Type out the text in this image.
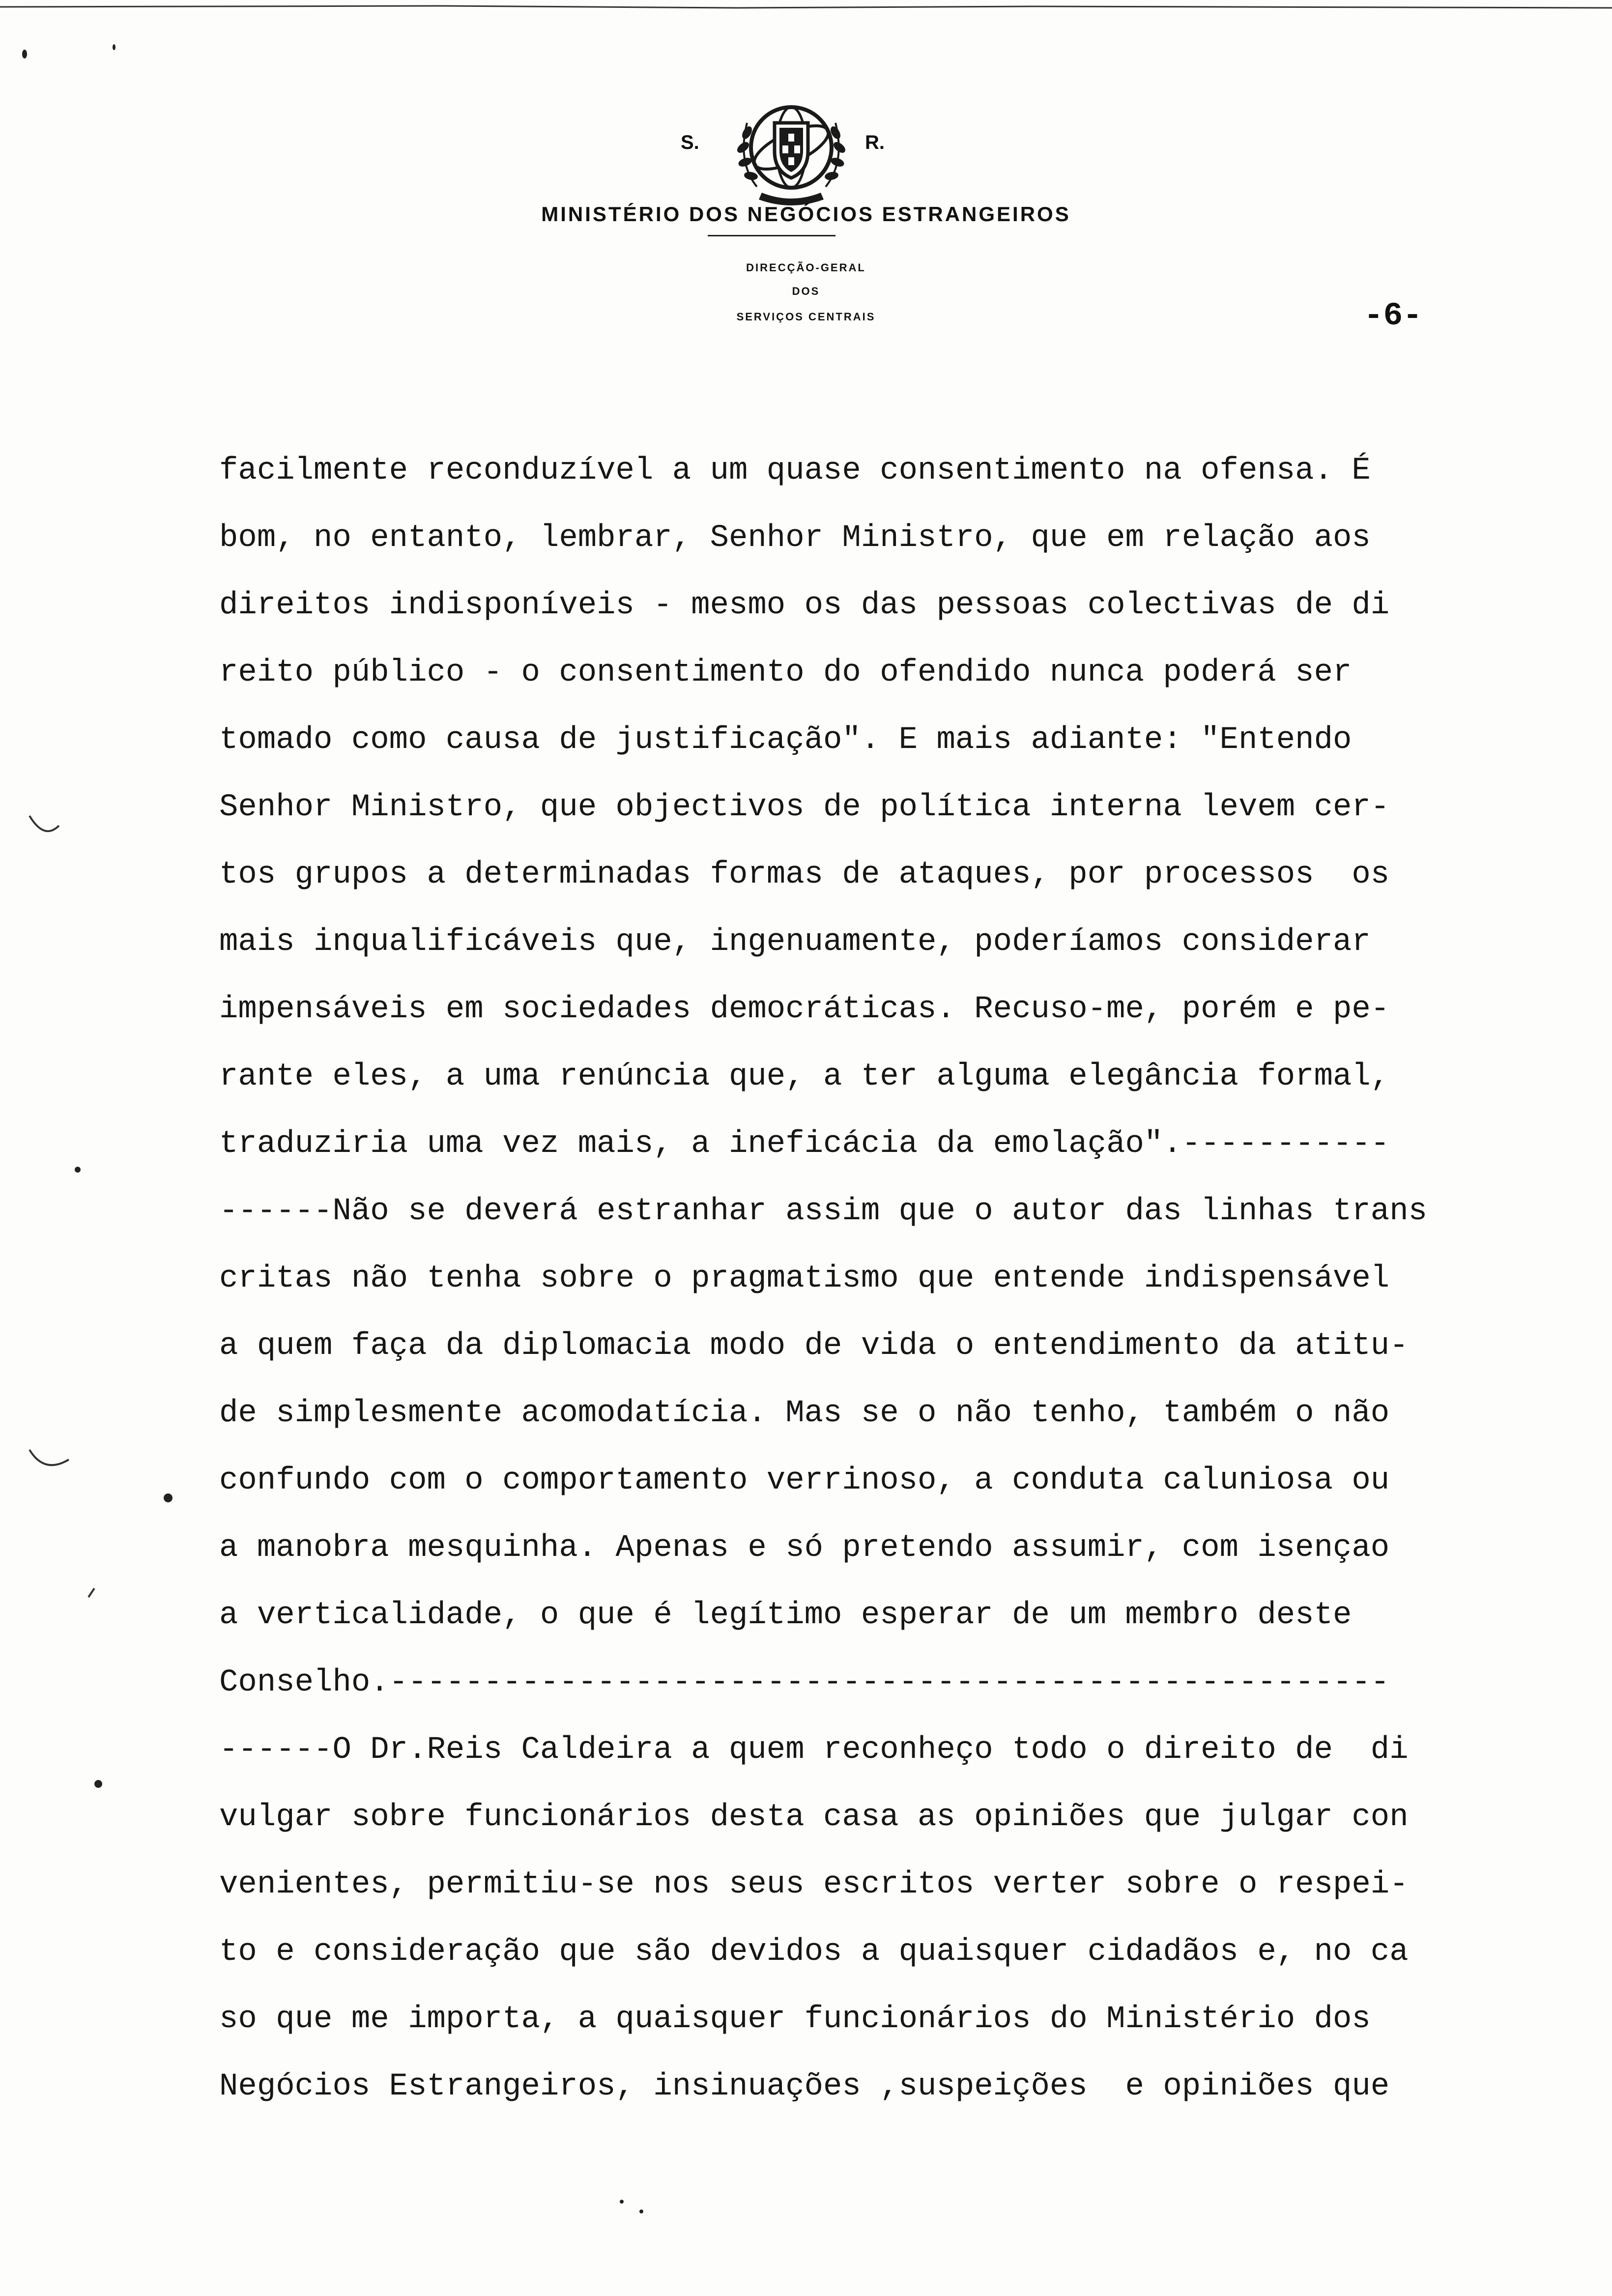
S.	R.
MINISTÉRIO DOS NEGÓCIOS ESTRANGEIROS
DIRECÇÃO-GERAL
DOS
SERVIÇOS CENTRAIS	-6-
facilmente reconduzível a um quase consentimento na ofensa. É
bom, no entanto, lembrar, Senhor Ministro, que em relação aos
direitos indisponíveis - mesmo os das pessoas colectivas de di
reito público - o consentimento do ofendido nunca poderá ser
tomado como causa de justificação". E mais adiante: "Entendo
Senhor Ministro, que objectivos de política interna levem cer-
tos grupos a determinadas formas de ataques, por processos  os
mais inqualificáveis que, ingenuamente, poderíamos considerar
impensáveis em sociedades democráticas. Recuso-me, porém e pe-
rante eles, a uma renúncia que, a ter alguma elegância formal,
traduziria uma vez mais, a ineficácia da emolação".-----------
------Não se deverá estranhar assim que o autor das linhas trans
critas não tenha sobre o pragmatismo que entende indispensável
a quem faça da diplomacia modo de vida o entendimento da atitu-
de simplesmente acomodatícia. Mas se o não tenho, também o não
confundo com o comportamento verrinoso, a conduta caluniosa ou
a manobra mesquinha. Apenas e só pretendo assumir, com isençao
a verticalidade, o que é legítimo esperar de um membro deste
Conselho.-----------------------------------------------------
------O Dr.Reis Caldeira a quem reconheço todo o direito de  di
vulgar sobre funcionários desta casa as opiniões que julgar con
venientes, permitiu-se nos seus escritos verter sobre o respei-
to e consideração que são devidos a quaisquer cidadãos e, no ca
so que me importa, a quaisquer funcionários do Ministério dos
Negócios Estrangeiros, insinuações ,suspeições  e opiniões que
